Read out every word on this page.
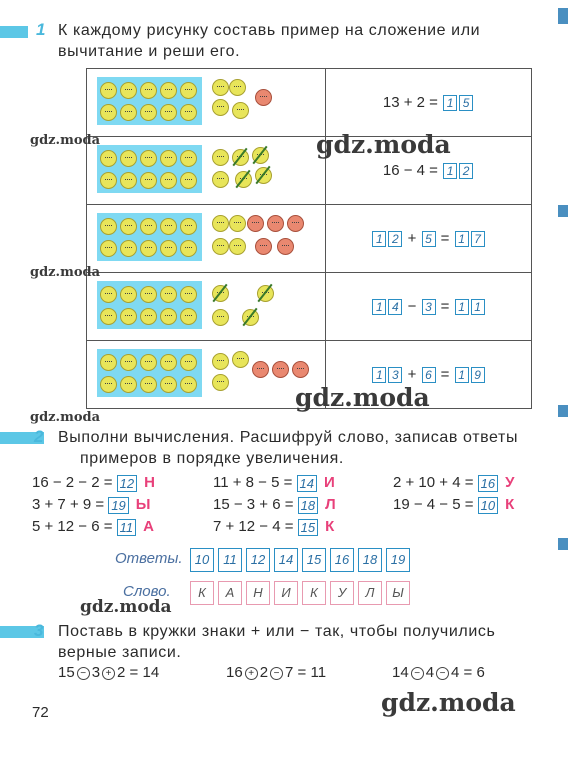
1 К каждому рисунку составь пример на сложение или
вычитание и реши его.
	13 + 2 = 1 5

	16 − 4 = 1 2

	1 2 + 5 = 1 7

	1 4 − 3 = 1 1

	1 3 + 6 = 1 9
2 Выполни вычисления. Расшифруй слово, записав ответы
примеров в порядке увеличения.
16 − 2 − 2 = 12 Н	11 + 8 − 5 = 14 И	2 + 10 + 4 = 16 У
3 + 7 + 9 = 19 Ы	15 − 3 + 6 = 18 Л	19 − 4 − 5 = 10 К
5 + 12 − 6 = 11 А	7 + 12 − 4 = 15 К
Ответы. 10	11	12	14	15	16	18	19
Слово.	К	А	Н	И	К	У	Л	Ы
3 Поставь в кружки знаки + или − так, чтобы получились
верные записи.
15 − 3 + 2 = 14	16 + 2 − 7 = 11	14 − 4 − 4 = 6
72
gdz.moda	gdz.moda
gdz.moda
gdz.moda
gdz.moda
gdz.moda
gdz.moda
